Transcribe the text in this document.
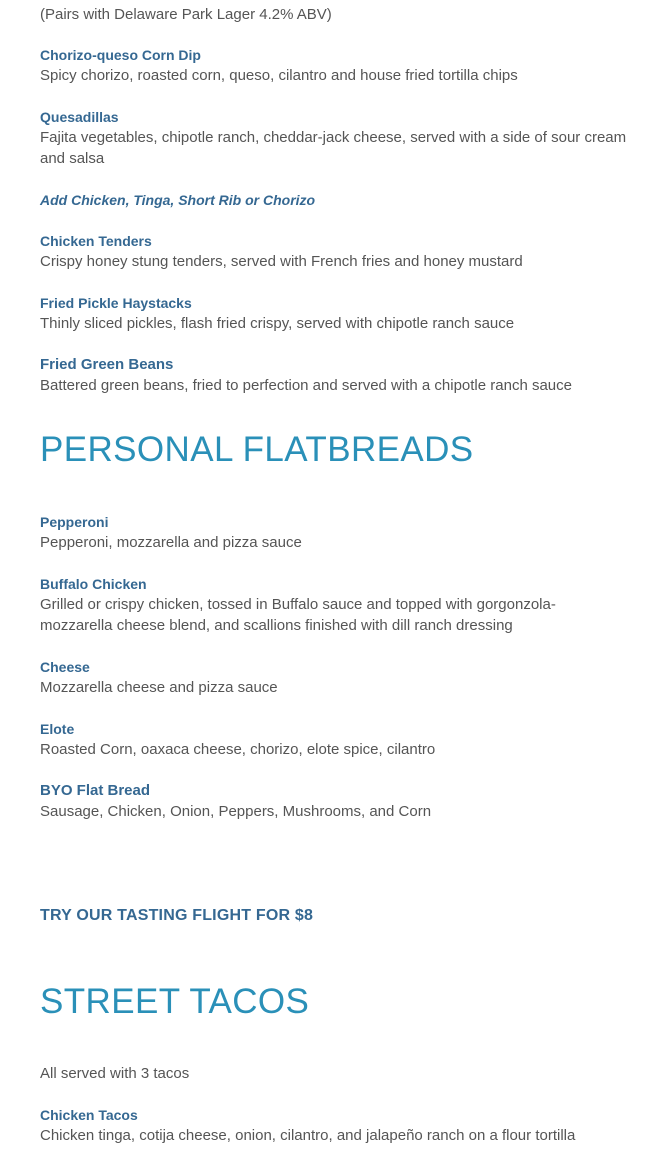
(Pairs with Delaware Park Lager 4.2% ABV)

Chorizo-queso Corn Dip

Spicy chorizo, roasted corn, queso, cilantro and house fried tortilla chips

Quesadillas

Fajita vegetables, chipotle ranch, cheddar-jack cheese, served with a side of sour cream and salsa

Add Chicken, Tinga, Short Rib or Chorizo

Chicken Tenders

Crispy honey stung tenders, served with French fries and honey mustard

Fried Pickle Haystacks

Thinly sliced pickles, flash fried crispy, served with chipotle ranch sauce

Fried Green Beans

Battered green beans, fried to perfection and served with a chipotle ranch sauce

PERSONAL FLATBREADS

Pepperoni

Pepperoni, mozzarella and pizza sauce

Buffalo Chicken

Grilled or crispy chicken, tossed in Buffalo sauce and topped with gorgonzola-mozzarella cheese blend, and scallions finished with dill ranch dressing

Cheese

Mozzarella cheese and pizza sauce

Elote

Roasted Corn, oaxaca cheese, chorizo, elote spice, cilantro

BYO Flat Bread

Sausage, Chicken, Onion, Peppers, Mushrooms, and Corn

TRY OUR TASTING FLIGHT FOR $8

STREET TACOS

All served with 3 tacos

Chicken Tacos

Chicken tinga, cotija cheese, onion, cilantro, and jalapeño ranch on a flour tortilla
